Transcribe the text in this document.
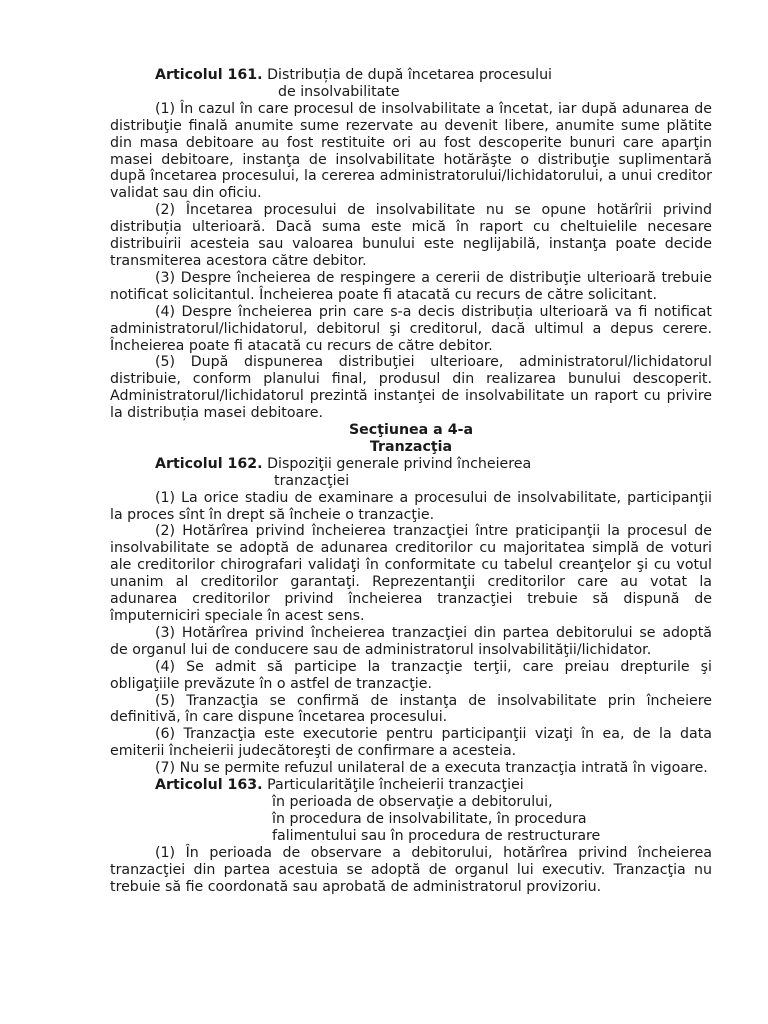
Articolul 161. Distribuția de după încetarea procesului
de insolvabilitate

(1) În cazul în care procesul de insolvabilitate a încetat, iar după adunarea de distribuţie finală anumite sume rezervate au devenit libere, anumite sume plătite din masa debitoare au fost restituite ori au fost descoperite bunuri care aparţin masei debitoare, instanţa de insolvabilitate hotărăşte o distribuţie suplimentară după încetarea procesului, la cererea administratorului/lichidatorului, a unui creditor validat sau din oficiu.

(2) Încetarea procesului de insolvabilitate nu se opune hotărîrii privind distribuția ulterioară. Dacă suma este mică în raport cu cheltuielile necesare distribuirii acesteia sau valoarea bunului este neglijabilă, instanţa poate decide transmiterea acestora către debitor.

(3) Despre încheierea de respingere a cererii de distribuţie ulterioară trebuie notificat solicitantul. Încheierea poate fi atacată cu recurs de către solicitant.

(4) Despre încheierea prin care s-a decis distribuția ulterioară va fi notificat administratorul/lichidatorul, debitorul şi creditorul, dacă ultimul a depus cerere. Încheierea poate fi atacată cu recurs de către debitor.

(5) După dispunerea distribuţiei ulterioare, administratorul/lichidatorul distribuie, conform planului final, produsul din realizarea bunului descoperit. Administratorul/lichidatorul prezintă instanţei de insolvabilitate un raport cu privire la distribuția masei debitoare.

Secţiunea a 4-a
Tranzacţia
Articolul 162. Dispoziţii generale privind încheierea
tranzacţiei

(1) La orice stadiu de examinare a procesului de insolvabilitate, participanţii la proces sînt în drept să încheie o tranzacţie.

(2) Hotărîrea privind încheierea tranzacţiei între praticipanţii la procesul de insolvabilitate se adoptă de adunarea creditorilor cu majoritatea simplă de voturi ale creditorilor chirografari validaţi în conformitate cu tabelul creanţelor şi cu votul unanim al creditorilor garantaţi. Reprezentanţii creditorilor care au votat la adunarea creditorilor privind încheierea tranzacţiei trebuie să dispună de împuterniciri speciale în acest sens.

(3) Hotărîrea privind încheierea tranzacţiei din partea debitorului se adoptă de organul lui de conducere sau de administratorul insolvabilităţii/lichidator.

(4) Se admit să participe la tranzacţie terţii, care preiau drepturile şi obligaţiile prevăzute în o astfel de tranzacţie.

(5) Tranzacţia se confirmă de instanţa de insolvabilitate prin încheiere definitivă, în care dispune încetarea procesului.

(6) Tranzacţia este executorie pentru participanţii vizaţi în ea, de la data emiterii încheierii judecătoreşti de confirmare a acesteia.

(7) Nu se permite refuzul unilateral de a executa tranzacţia intrată în vigoare.

Articolul 163. Particularităţile încheierii tranzacţiei
în perioada de observaţie a debitorului,
în procedura de insolvabilitate, în procedura
falimentului sau în procedura de restructurare

(1) În perioada de observare a debitorului, hotărîrea privind încheierea tranzacţiei din partea acestuia se adoptă de organul lui executiv. Tranzacţia nu trebuie să fie coordonată sau aprobată de administratorul provizoriu.
